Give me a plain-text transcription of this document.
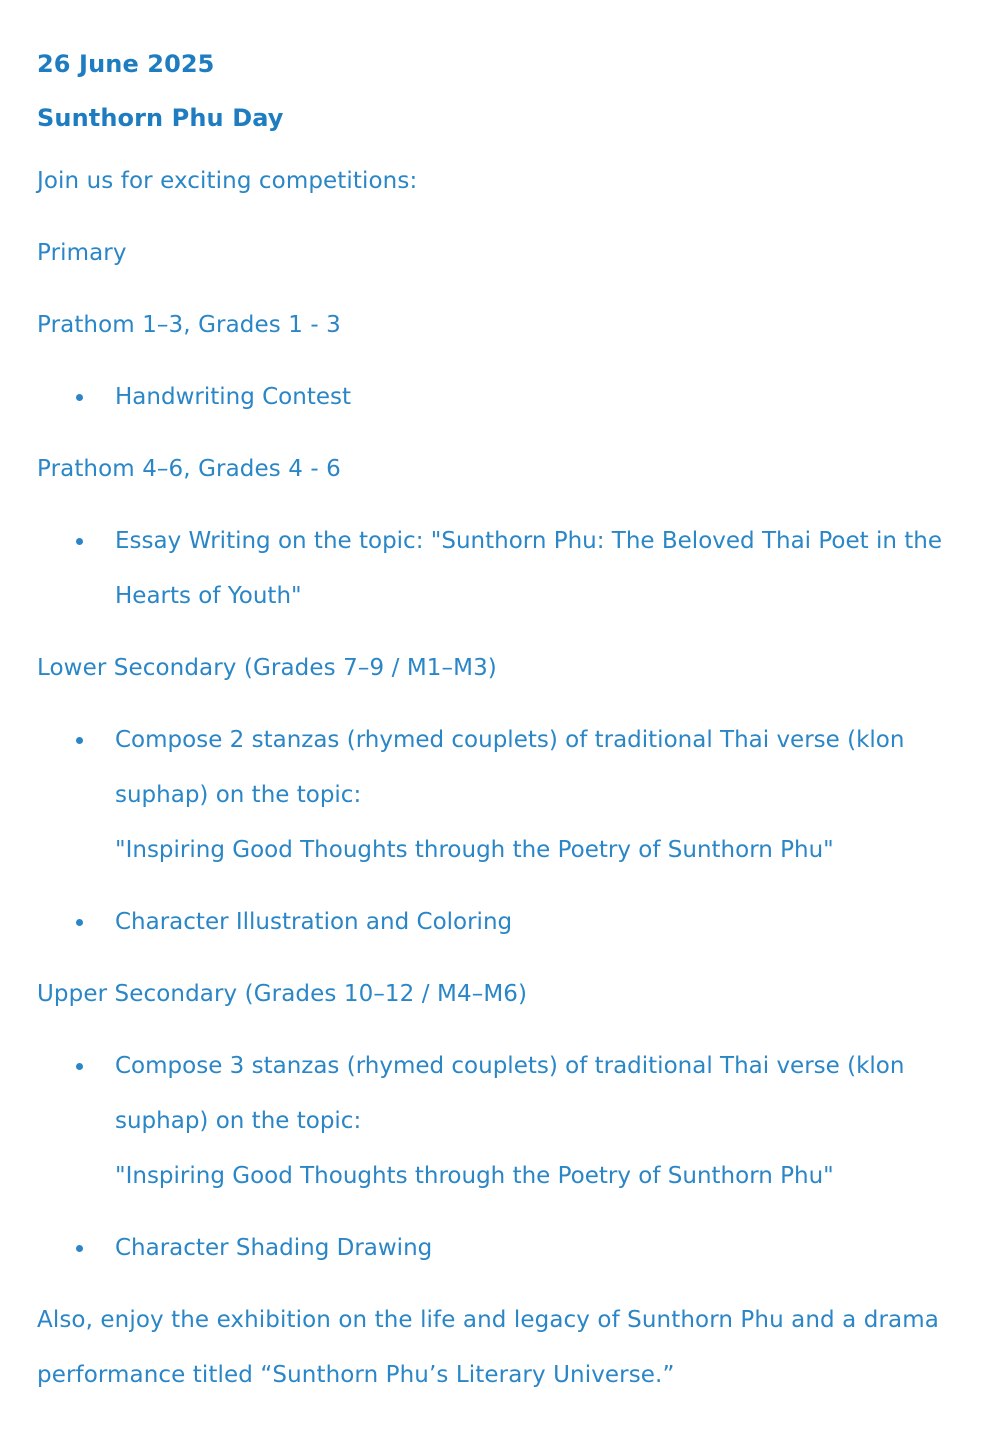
26 June 2025
Sunthorn Phu Day

Join us for exciting competitions:

Primary

Prathom 1–3, Grades 1 - 3

Handwriting Contest

Prathom 4–6, Grades 4 - 6

Essay Writing on the topic: "Sunthorn Phu: The Beloved Thai Poet in the
Hearts of Youth"

Lower Secondary (Grades 7–9 / M1–M3)

Compose 2 stanzas (rhymed couplets) of traditional Thai verse (klon
suphap) on the topic:
"Inspiring Good Thoughts through the Poetry of Sunthorn Phu"
Character Illustration and Coloring

Upper Secondary (Grades 10–12 / M4–M6)

Compose 3 stanzas (rhymed couplets) of traditional Thai verse (klon
suphap) on the topic:
"Inspiring Good Thoughts through the Poetry of Sunthorn Phu"
Character Shading Drawing

Also, enjoy the exhibition on the life and legacy of Sunthorn Phu and a drama
performance titled “Sunthorn Phu’s Literary Universe.”
